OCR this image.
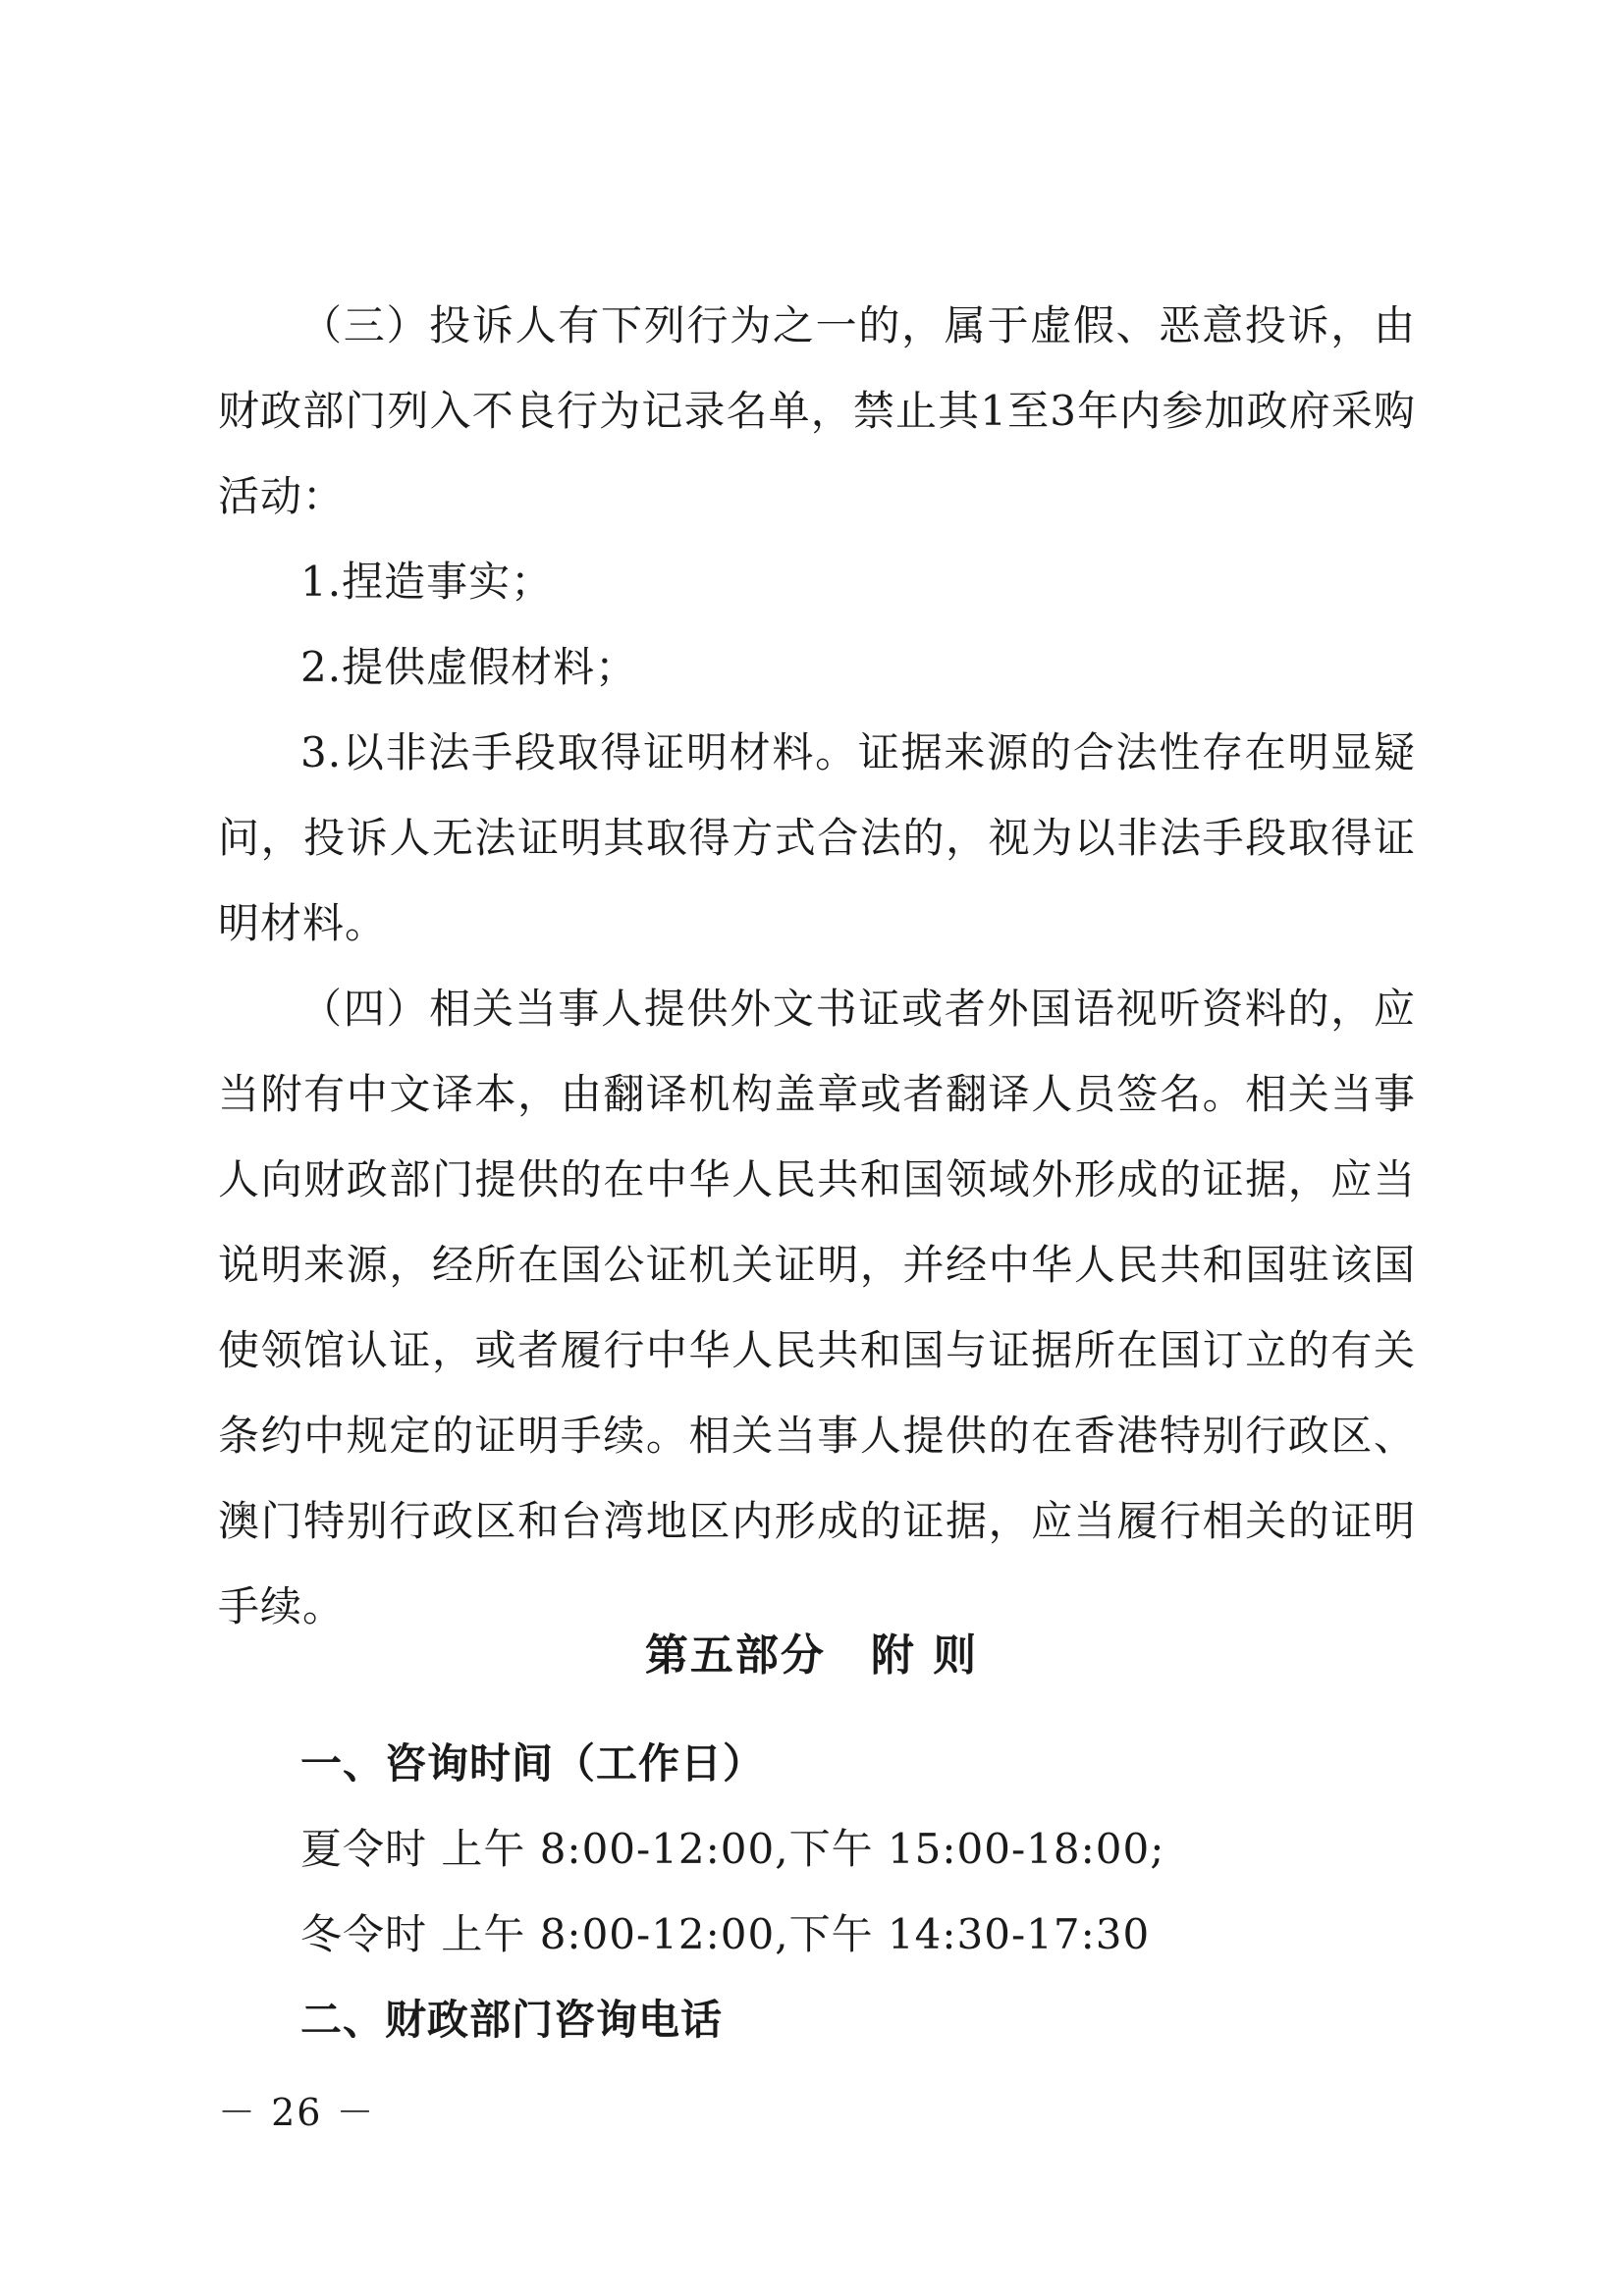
（三）投诉人有下列行为之一的，属于虚假、恶意投诉，由财政部门列入不良行为记录名单，禁止其1至3年内参加政府采购活动：

1.捏造事实；

2.提供虚假材料；

3.以非法手段取得证明材料。证据来源的合法性存在明显疑问，投诉人无法证明其取得方式合法的，视为以非法手段取得证明材料。

（四）相关当事人提供外文书证或者外国语视听资料的，应当附有中文译本，由翻译机构盖章或者翻译人员签名。相关当事人向财政部门提供的在中华人民共和国领域外形成的证据，应当说明来源，经所在国公证机关证明，并经中华人民共和国驻该国使领馆认证，或者履行中华人民共和国与证据所在国订立的有关条约中规定的证明手续。相关当事人提供的在香港特别行政区、澳门特别行政区和台湾地区内形成的证据，应当履行相关的证明手续。

第五部分　附 则

一、咨询时间（工作日）

夏令时 上午 8:00-12:00,下午 15:00-18:00;

冬令时 上午 8:00-12:00,下午 14:30-17:30

二、财政部门咨询电话

－ 26 －
